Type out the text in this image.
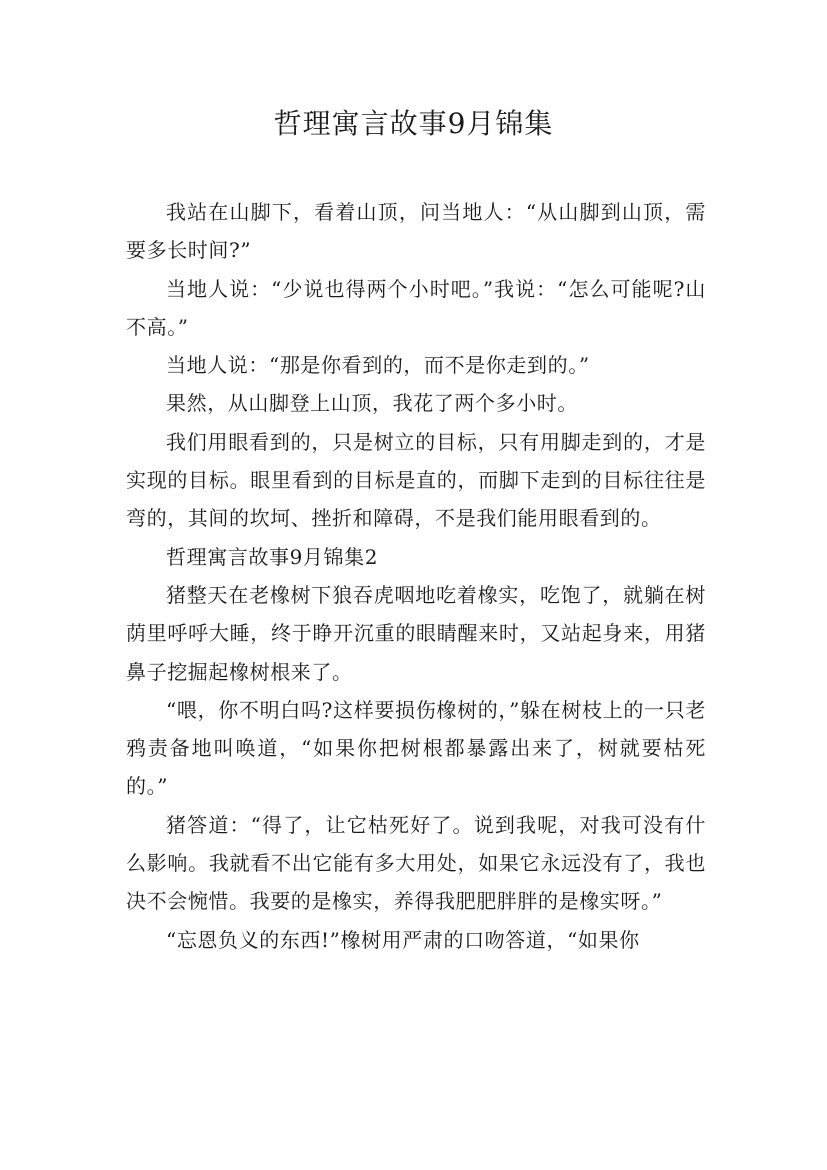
哲理寓言故事9月锦集

我站在山脚下，看着山顶，问当地人：“从山脚到山顶，需要多长时间?”

当地人说：“少说也得两个小时吧。”我说：“怎么可能呢?山不高。”

当地人说：“那是你看到的，而不是你走到的。”

果然，从山脚登上山顶，我花了两个多小时。

我们用眼看到的，只是树立的目标，只有用脚走到的，才是实现的目标。眼里看到的目标是直的，而脚下走到的目标往往是弯的，其间的坎坷、挫折和障碍，不是我们能用眼看到的。

哲理寓言故事9月锦集2

猪整天在老橡树下狼吞虎咽地吃着橡实，吃饱了，就躺在树荫里呼呼大睡，终于睁开沉重的眼睛醒来时，又站起身来，用猪鼻子挖掘起橡树根来了。

“喂，你不明白吗?这样要损伤橡树的，”躲在树枝上的一只老鸦责备地叫唤道，“如果你把树根都暴露出来了，树就要枯死的。”

猪答道：“得了，让它枯死好了。说到我呢，对我可没有什么影响。我就看不出它能有多大用处，如果它永远没有了，我也决不会惋惜。我要的是橡实，养得我肥肥胖胖的是橡实呀。”

“忘恩负义的东西!”橡树用严肃的口吻答道，“如果你
